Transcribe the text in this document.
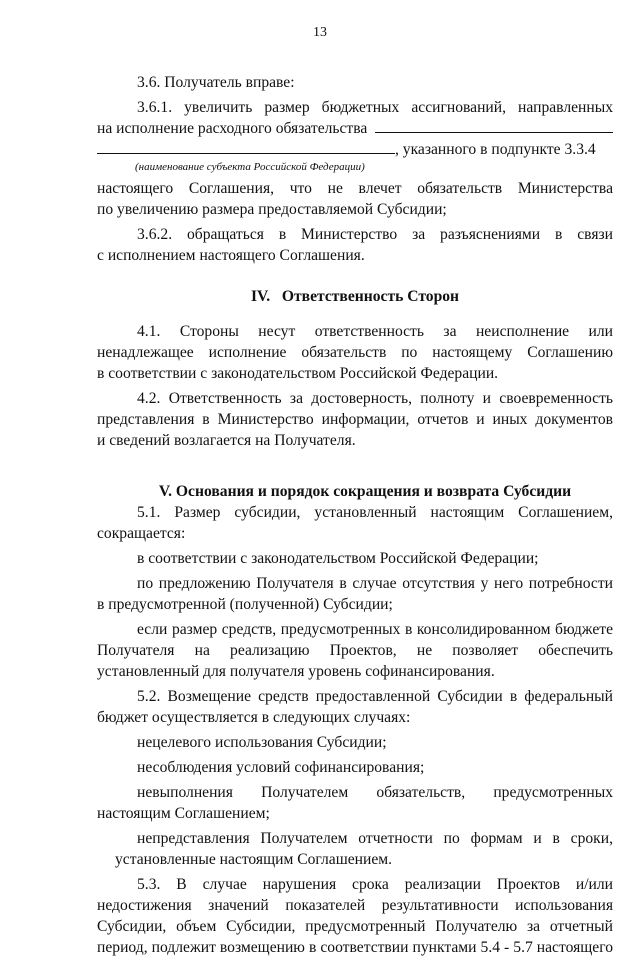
13

3.6. Получатель вправе:

3.6.1. увеличить размер бюджетных ассигнований, направленных

на исполнение расходного обязательства

, указанного в подпункте 3.3.4

(наименование субъекта Российской Федерации)

настоящего Соглашения, что не влечет обязательств Министерства

по увеличению размера предоставляемой Субсидии;

3.6.2. обращаться в Министерство за разъяснениями в связи

с исполнением настоящего Соглашения.

IV.   Ответственность Сторон

4.1. Стороны несут ответственность за неисполнение или

ненадлежащее исполнение обязательств по настоящему Соглашению

в соответствии с законодательством Российской Федерации.

4.2. Ответственность за достоверность, полноту и своевременность

представления в Министерство информации, отчетов и иных документов

и сведений возлагается на Получателя.

V. Основания и порядок сокращения и возврата Субсидии

5.1. Размер субсидии, установленный настоящим Соглашением,

сокращается:

в соответствии с законодательством Российской Федерации;

по предложению Получателя в случае отсутствия у него потребности

в предусмотренной (полученной) Субсидии;

если размер средств, предусмотренных в консолидированном бюджете

Получателя на реализацию Проектов, не позволяет обеспечить

установленный для получателя уровень софинансирования.

5.2. Возмещение средств предоставленной Субсидии в федеральный

бюджет осуществляется в следующих случаях:

нецелевого использования Субсидии;

несоблюдения условий софинансирования;

невыполнения Получателем обязательств, предусмотренных

настоящим Соглашением;

непредставления Получателем отчетности по формам и в сроки,

установленные настоящим Соглашением.

5.3. В случае нарушения срока реализации Проектов и/или

недостижения значений показателей результативности использования

Субсидии, объем Субсидии, предусмотренный Получателю за отчетный

период, подлежит возмещению в соответствии пунктами 5.4 - 5.7 настоящего
